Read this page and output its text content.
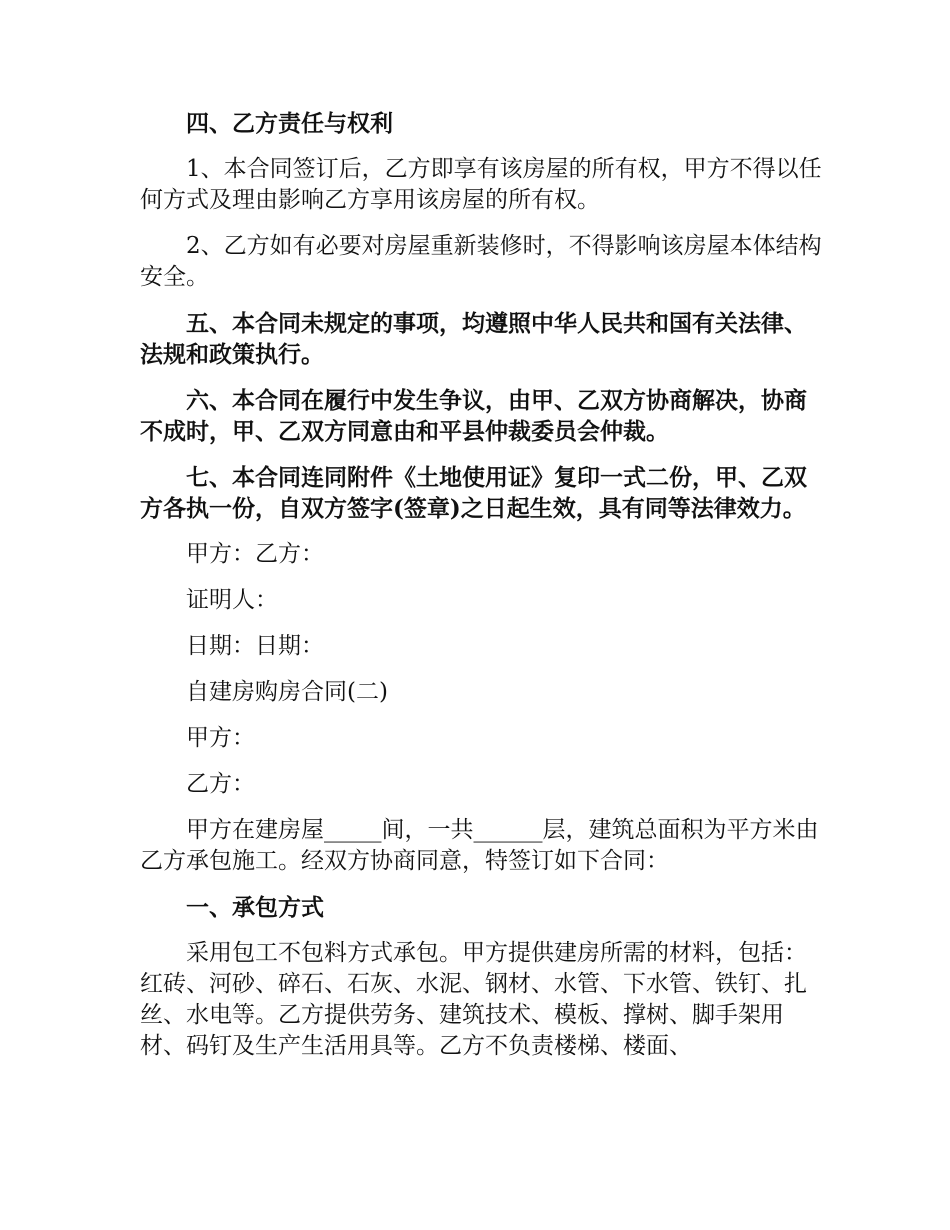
四、乙方责任与权利

1、本合同签订后，乙方即享有该房屋的所有权，甲方不得以任何方式及理由影响乙方享用该房屋的所有权。

2、乙方如有必要对房屋重新装修时，不得影响该房屋本体结构安全。

五、本合同未规定的事项，均遵照中华人民共和国有关法律、法规和政策执行。

六、本合同在履行中发生争议，由甲、乙双方协商解决，协商不成时，甲、乙双方同意由和平县仲裁委员会仲裁。

七、本合同连同附件《土地使用证》复印一式二份，甲、乙双方各执一份，自双方签字(签章)之日起生效，具有同等法律效力。

甲方：乙方：

证明人：

日期：日期：

自建房购房合同(二)

甲方：

乙方：

甲方在建房屋_____间，一共______层，建筑总面积为平方米由乙方承包施工。经双方协商同意，特签订如下合同：

一、承包方式

采用包工不包料方式承包。甲方提供建房所需的材料，包括：红砖、河砂、碎石、石灰、水泥、钢材、水管、下水管、铁钉、扎丝、水电等。乙方提供劳务、建筑技术、模板、撑树、脚手架用材、码钉及生产生活用具等。乙方不负责楼梯、楼面、
